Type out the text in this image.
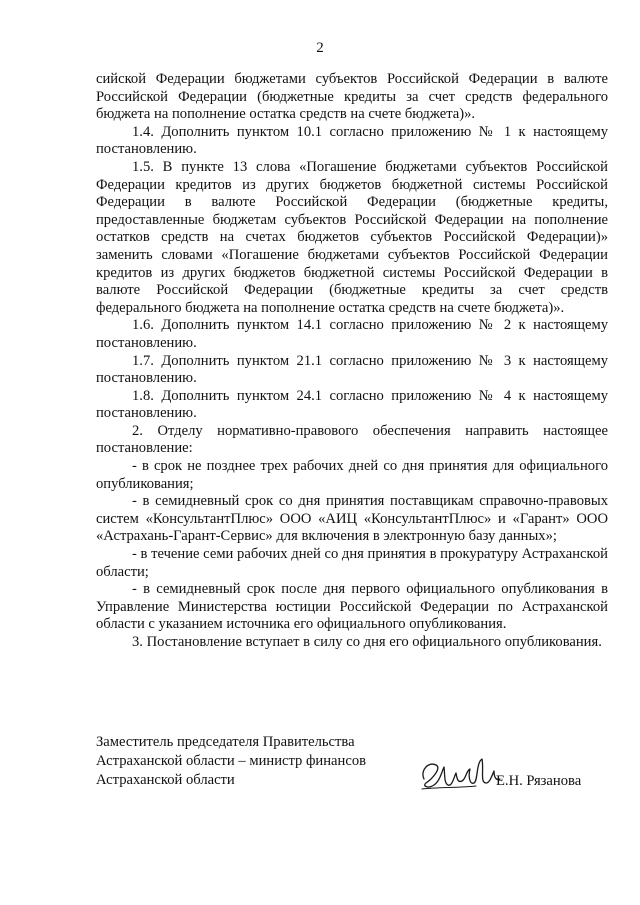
2

сийской Федерации бюджетами субъектов Российской Федерации в валюте Российской Федерации (бюджетные кредиты за счет средств федерального бюджета на пополнение остатка средств на счете бюджета)».

1.4. Дополнить пунктом 10.1 согласно приложению № 1 к настоящему постановлению.

1.5. В пункте 13 слова «Погашение бюджетами субъектов Российской Федерации кредитов из других бюджетов бюджетной системы Российской Федерации в валюте Российской Федерации (бюджетные кредиты, предоставленные бюджетам субъектов Российской Федерации на пополнение остатков средств на счетах бюджетов субъектов Российской Федерации)» заменить словами «Погашение бюджетами субъектов Российской Федерации кредитов из других бюджетов бюджетной системы Российской Федерации в валюте Российской Федерации (бюджетные кредиты за счет средств федерального бюджета на пополнение остатка средств на счете бюджета)».

1.6. Дополнить пунктом 14.1 согласно приложению № 2 к настоящему постановлению.

1.7. Дополнить пунктом 21.1 согласно приложению № 3 к настоящему постановлению.

1.8. Дополнить пунктом 24.1 согласно приложению № 4 к настоящему постановлению.

2. Отделу нормативно-правового обеспечения направить настоящее постановление:

- в срок не позднее трех рабочих дней со дня принятия для официального опубликования;

- в семидневный срок со дня принятия поставщикам справочно-правовых систем «КонсультантПлюс» ООО «АИЦ «КонсультантПлюс» и «Гарант» ООО «Астрахань-Гарант-Сервис» для включения в электронную базу данных»;

- в течение семи рабочих дней со дня принятия в прокуратуру Астраханской области;

- в семидневный срок после дня первого официального опубликования в Управление Министерства юстиции Российской Федерации по Астраханской области с указанием источника его официального опубликования.

3. Постановление вступает в силу со дня его официального опубликования.

Заместитель председателя Правительства
Астраханской области – министр финансов
Астраханской области	Е.Н. Рязанова
